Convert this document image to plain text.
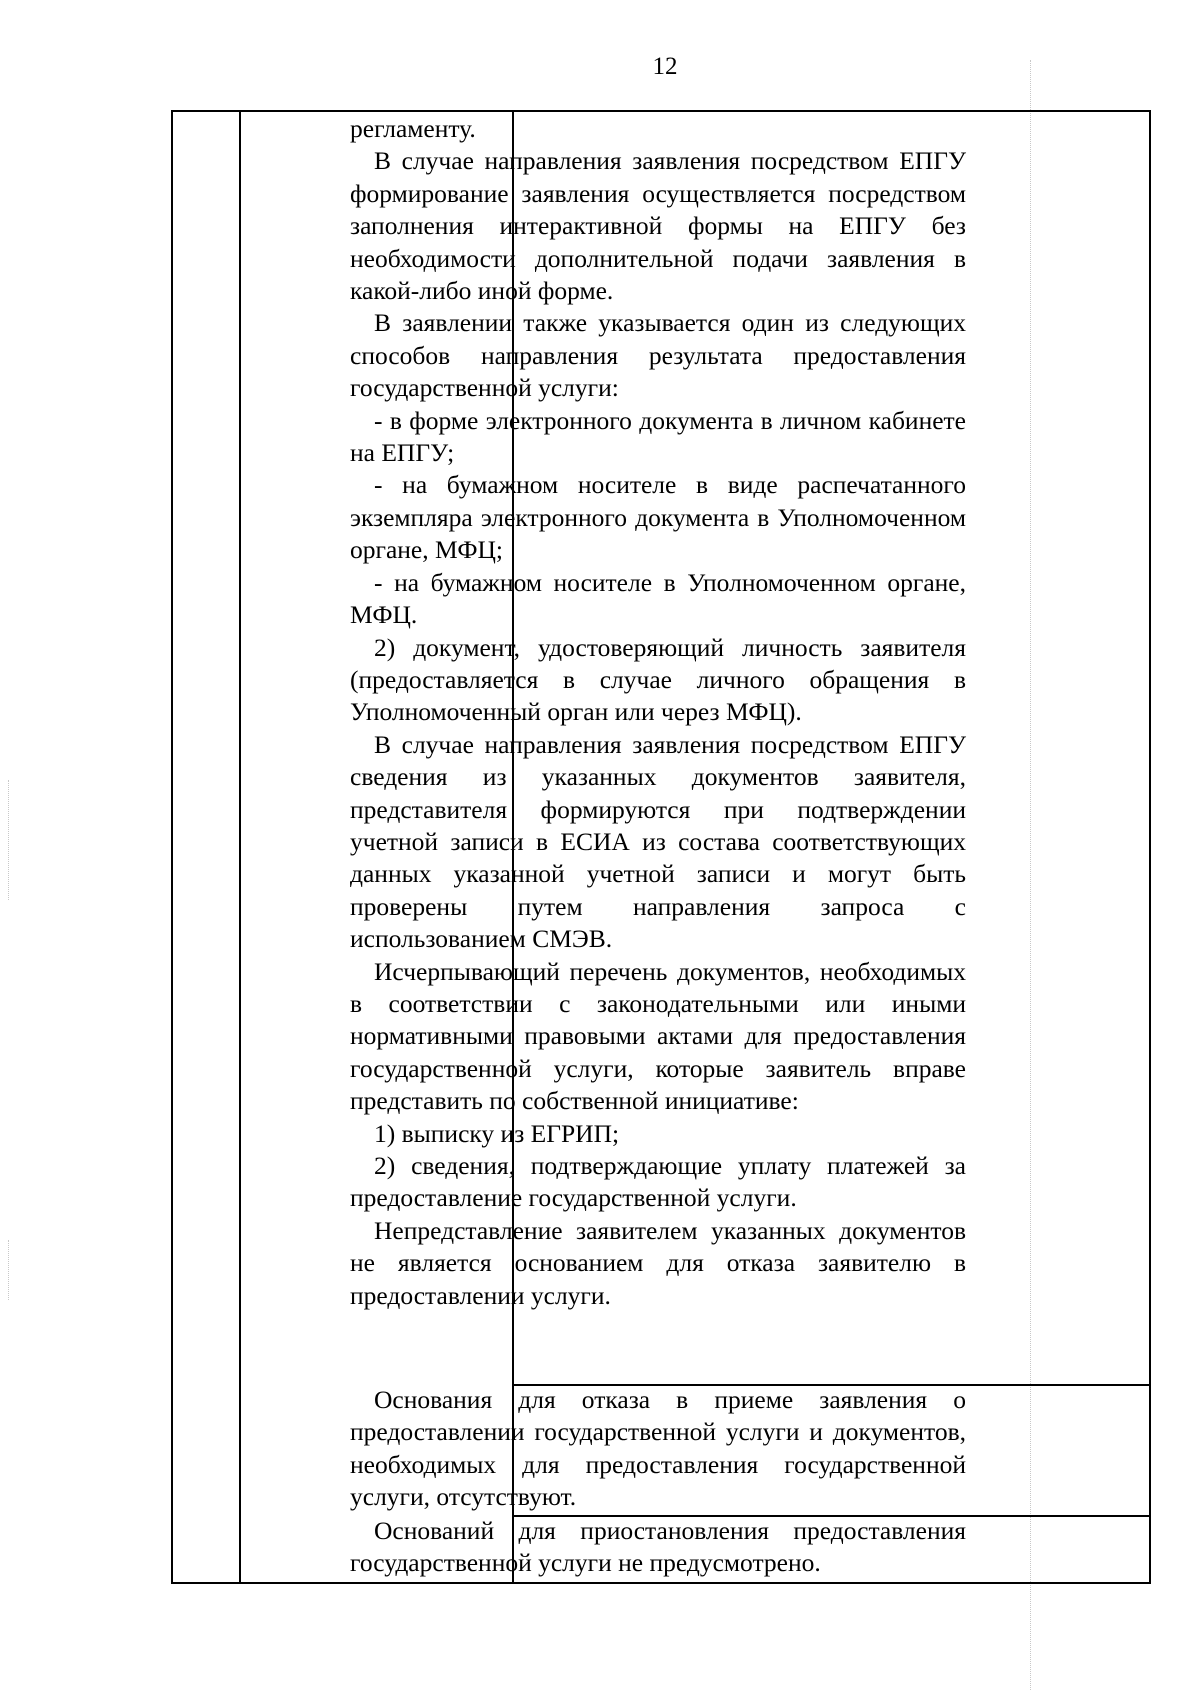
12

регламенту.

В случае направления заявления посредством ЕПГУ формирование заявления осуществляется посредством заполнения интерактивной формы на ЕПГУ без необходимости дополнительной подачи заявления в какой-либо иной форме.

В заявлении также указывается один из следующих способов направления результата предоставления государственной услуги:

- в форме электронного документа в личном кабинете на ЕПГУ;

- на бумажном носителе в виде распечатанного экземпляра электронного документа в Уполномоченном органе, МФЦ;

- на бумажном носителе в Уполномоченном органе, МФЦ.

2) документ, удостоверяющий личность заявителя (предоставляется в случае личного обращения в Уполномоченный орган или через МФЦ).

В случае направления заявления посредством ЕПГУ сведения из указанных документов заявителя, представителя формируются при подтверждении учетной записи в ЕСИА из состава соответствующих данных указанной учетной записи и могут быть проверены путем направления запроса с использованием СМЭВ.

Исчерпывающий перечень документов, необходимых в соответствии с законодательными или иными нормативными правовыми актами для предоставления государственной услуги, которые заявитель вправе представить по собственной инициативе:

1) выписку из ЕГРИП;

2) сведения, подтверждающие уплату платежей за предоставление государственной услуги.

Непредставление заявителем указанных документов не является основанием для отказа заявителю в предоставлении услуги.

Основания для отказа в приеме заявления о предоставлении государственной услуги и документов, необходимых для предоставления государственной услуги, отсутствуют.

Оснований для приостановления предоставления государственной услуги не предусмотрено.
